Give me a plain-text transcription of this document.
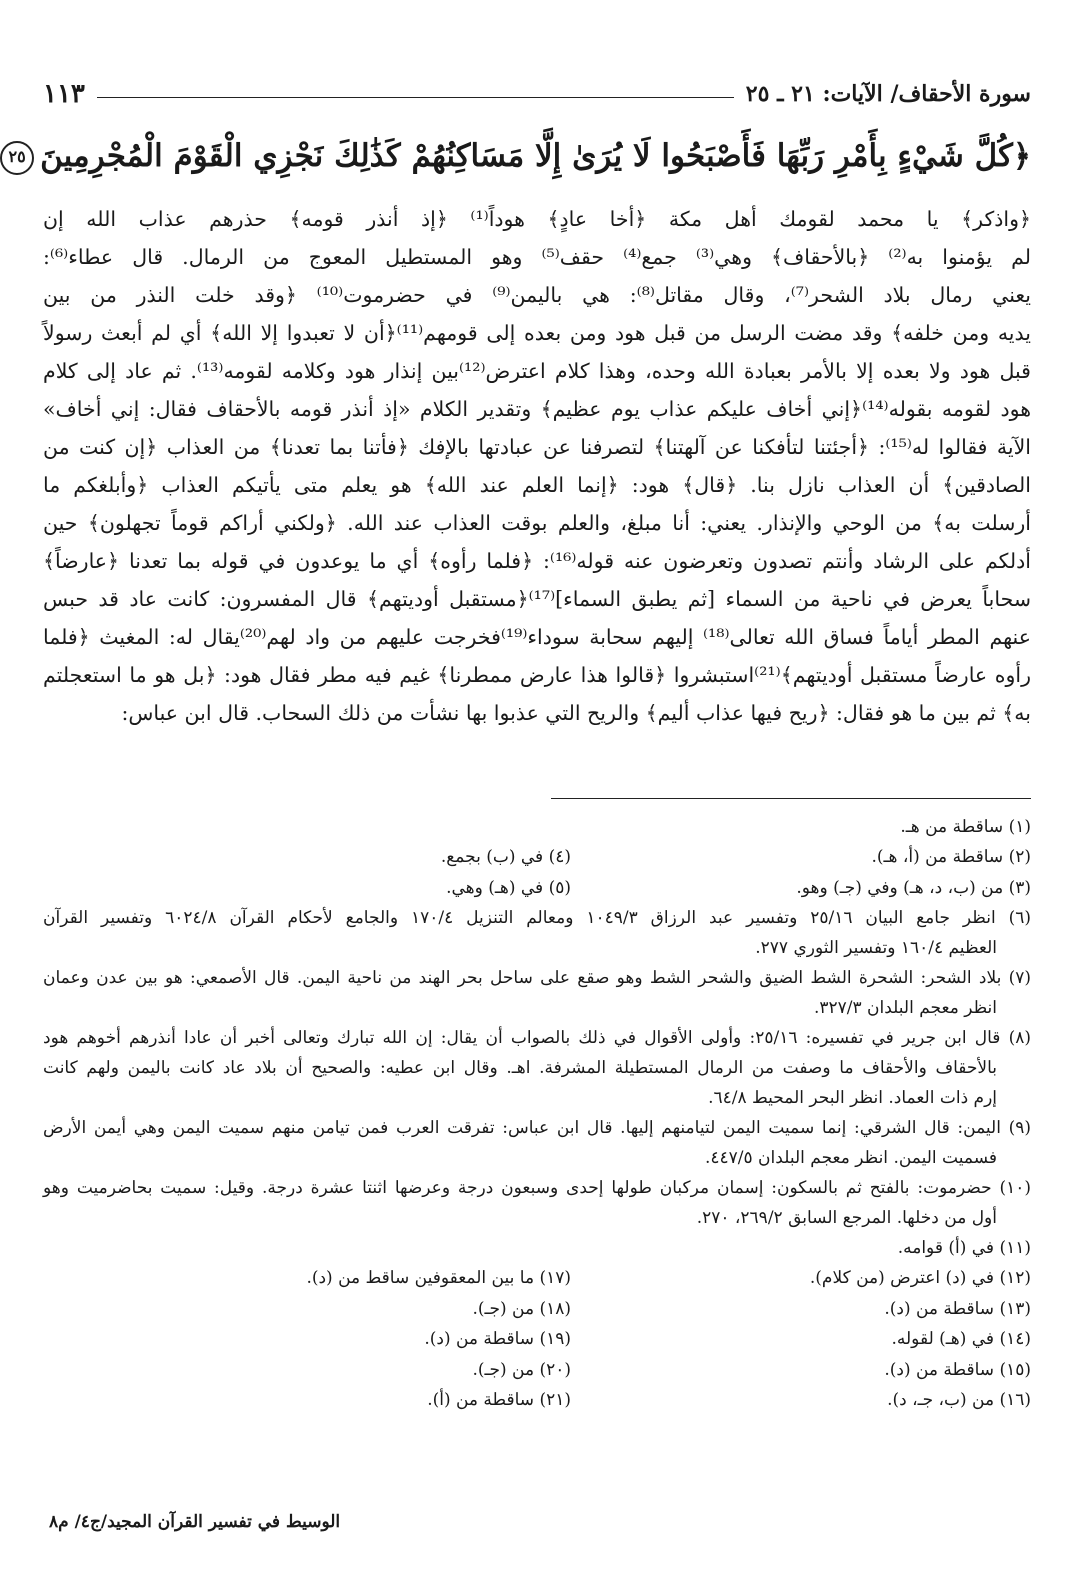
سورة الأحقاف/ الآيات: ٢١ ـ ٢٥
١١٣
﴿كُلَّ شَيْءٍ بِأَمْرِ رَبِّهَا فَأَصْبَحُوا لَا يُرَىٰ إِلَّا مَسَاكِنُهُمْ كَذَٰلِكَ نَجْزِي الْقَوْمَ الْمُجْرِمِينَ٢٥
﴿واذكر﴾ يا محمد لقومك أهل مكة ﴿أخا عادٍ﴾ هوداً⁽¹⁾ ﴿إذ أنذر قومه﴾ حذرهم عذاب الله إن
لم يؤمنوا به⁽²⁾ ﴿بالأحقاف﴾ وهي⁽³⁾ جمع⁽⁴⁾ حقف⁽⁵⁾ وهو المستطيل المعوج من الرمال. قال عطاء⁽⁶⁾:
يعني رمال بلاد الشحر⁽⁷⁾، وقال مقاتل⁽⁸⁾: هي باليمن⁽⁹⁾ في حضرموت⁽¹⁰⁾ ﴿وقد خلت النذر من بين
يديه ومن خلفه﴾ وقد مضت الرسل من قبل هود ومن بعده إلى قومهم⁽¹¹⁾﴿أن لا تعبدوا إلا الله﴾ أي لم أبعث رسولاً
قبل هود ولا بعده إلا بالأمر بعبادة الله وحده، وهذا كلام اعترض⁽¹²⁾بين إنذار هود وكلامه لقومه⁽¹³⁾. ثم عاد إلى كلام
هود لقومه بقوله⁽¹⁴⁾﴿إني أخاف عليكم عذاب يوم عظيم﴾ وتقدير الكلام «إذ أنذر قومه بالأحقاف فقال: إني أخاف»
الآية فقالوا له⁽¹⁵⁾: ﴿أجئتنا لتأفكنا عن آلهتنا﴾ لتصرفنا عن عبادتها بالإفك ﴿فأتنا بما تعدنا﴾ من العذاب ﴿إن كنت من
الصادقين﴾ أن العذاب نازل بنا. ﴿قال﴾ هود: ﴿إنما العلم عند الله﴾ هو يعلم متى يأتيكم العذاب ﴿وأبلغكم ما
أرسلت به﴾ من الوحي والإنذار. يعني: أنا مبلغ، والعلم بوقت العذاب عند الله. ﴿ولكني أراكم قوماً تجهلون﴾ حين
أدلكم على الرشاد وأنتم تصدون وتعرضون عنه قوله⁽¹⁶⁾: ﴿فلما رأوه﴾ أي ما يوعدون في قوله بما تعدنا ﴿عارضاً﴾
سحاباً يعرض في ناحية من السماء [ثم يطبق السماء]⁽¹⁷⁾﴿مستقبل أوديتهم﴾ قال المفسرون: كانت عاد قد حبس
عنهم المطر أياماً فساق الله تعالى⁽¹⁸⁾ إليهم سحابة سوداء⁽¹⁹⁾فخرجت عليهم من واد لهم⁽²⁰⁾يقال له: المغيث ﴿فلما
رأوه عارضاً مستقبل أوديتهم﴾⁽²¹⁾استبشروا ﴿قالوا هذا عارض ممطرنا﴾ غيم فيه مطر فقال هود: ﴿بل هو ما استعجلتم
به﴾ ثم بين ما هو فقال: ﴿ريح فيها عذاب أليم﴾ والريح التي عذبوا بها نشأت من ذلك السحاب. قال ابن عباس:
(١) ساقطة من هـ.
(٢) ساقطة من (أ، هـ).
(٤) في (ب) بجمع.
(٣) من (ب، د، هـ) وفي (جـ) وهو.
(٥) في (هـ) وهي.
(٦) انظر جامع البيان ٢٥/١٦ وتفسير عبد الرزاق ١٠٤٩/٣ ومعالم التنزيل ١٧٠/٤ والجامع لأحكام القرآن ٦٠٢٤/٨ وتفسير القرآن
العظيم ١٦٠/٤ وتفسير الثوري ٢٧٧.
(٧) بلاد الشحر: الشحرة الشط الضيق والشحر الشط وهو صقع على ساحل بحر الهند من ناحية اليمن. قال الأصمعي: هو بين عدن وعمان
انظر معجم البلدان ٣٢٧/٣.
(٨) قال ابن جرير في تفسيره: ٢٥/١٦: وأولى الأقوال في ذلك بالصواب أن يقال: إن الله تبارك وتعالى أخبر أن عادا أنذرهم أخوهم هود
بالأحقاف والأحقاف ما وصفت من الرمال المستطيلة المشرفة. اهـ. وقال ابن عطيه: والصحيح أن بلاد عاد كانت باليمن ولهم كانت
إرم ذات العماد. انظر البحر المحيط ٦٤/٨.
(٩) اليمن: قال الشرقي: إنما سميت اليمن لتيامنهم إليها. قال ابن عباس: تفرقت العرب فمن تيامن منهم سميت اليمن وهي أيمن الأرض
فسميت اليمن. انظر معجم البلدان ٤٤٧/٥.
(١٠) حضرموت: بالفتح ثم بالسكون: إسمان مركبان طولها إحدى وسبعون درجة وعرضها اثنتا عشرة درجة. وقيل: سميت بحاضرميت وهو
أول من دخلها. المرجع السابق ٢٦٩/٢، ٢٧٠.
(١١) في (أ) قوامه.
(١٢) في (د) اعترض (من كلام).
(١٧) ما بين المعقوفين ساقط من (د).
(١٣) ساقطة من (د).
(١٨) من (جـ).
(١٤) في (هـ) لقوله.
(١٩) ساقطة من (د).
(١٥) ساقطة من (د).
(٢٠) من (جـ).
(١٦) من (ب، جـ، د).
(٢١) ساقطة من (أ).
الوسيط في تفسير القرآن المجيد/ج٤/ م٨
